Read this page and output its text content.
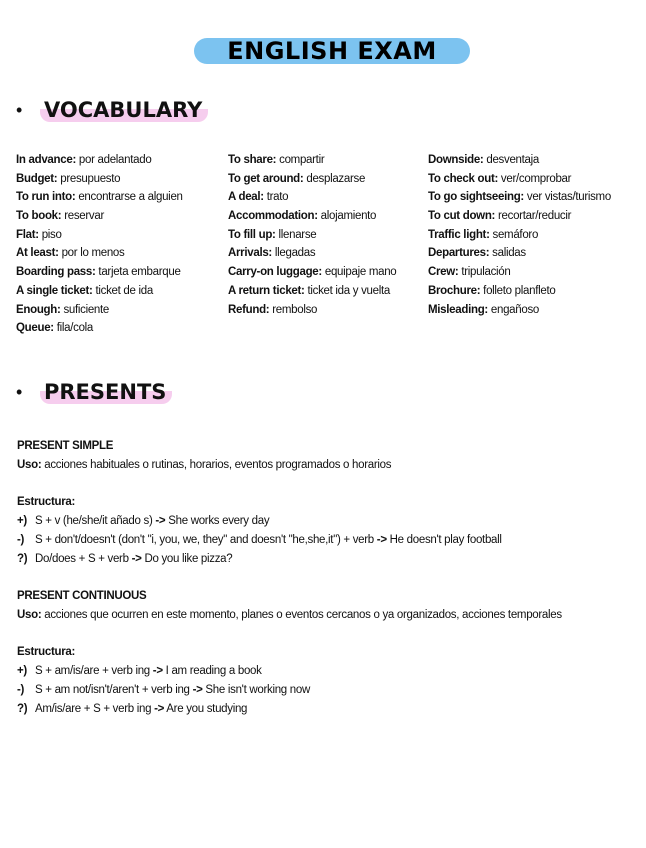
ENGLISH EXAM
•	VOCABULARY
In advance: por adelantado
Budget: presupuesto
To run into: encontrarse a alguien
To book: reservar
Flat: piso
At least: por lo menos
Boarding pass: tarjeta embarque
A single ticket: ticket de ida
Enough: suficiente
Queue: fila/cola
To share: compartir
To get around: desplazarse
A deal: trato
Accommodation: alojamiento
To fill up: llenarse
Arrivals: llegadas
Carry-on luggage: equipaje mano
A return ticket: ticket ida y vuelta
Refund: rembolso
Downside: desventaja
To check out: ver/comprobar
To go sightseeing: ver vistas/turismo
To cut down: recortar/reducir
Traffic light: semáforo
Departures: salidas
Crew: tripulación
Brochure: folleto planfleto
Misleading: engañoso
•	PRESENTS
PRESENT SIMPLE
Uso: acciones habituales o rutinas, horarios, eventos programados o horarios
Estructura:
+) S + v (he/she/it añado s) -> She works every day
-) S + don't/doesn't (don't "i, you, we, they" and doesn't "he,she,it") + verb -> He doesn't play football
?) Do/does + S + verb -> Do you like pizza?
PRESENT CONTINUOUS
Uso: acciones que ocurren en este momento, planes o eventos cercanos o ya organizados, acciones temporales
Estructura:
+) S + am/is/are + verb ing -> I am reading a book
-) S + am not/isn't/aren't + verb ing -> She isn't working now
?) Am/is/are + S + verb ing -> Are you studying
